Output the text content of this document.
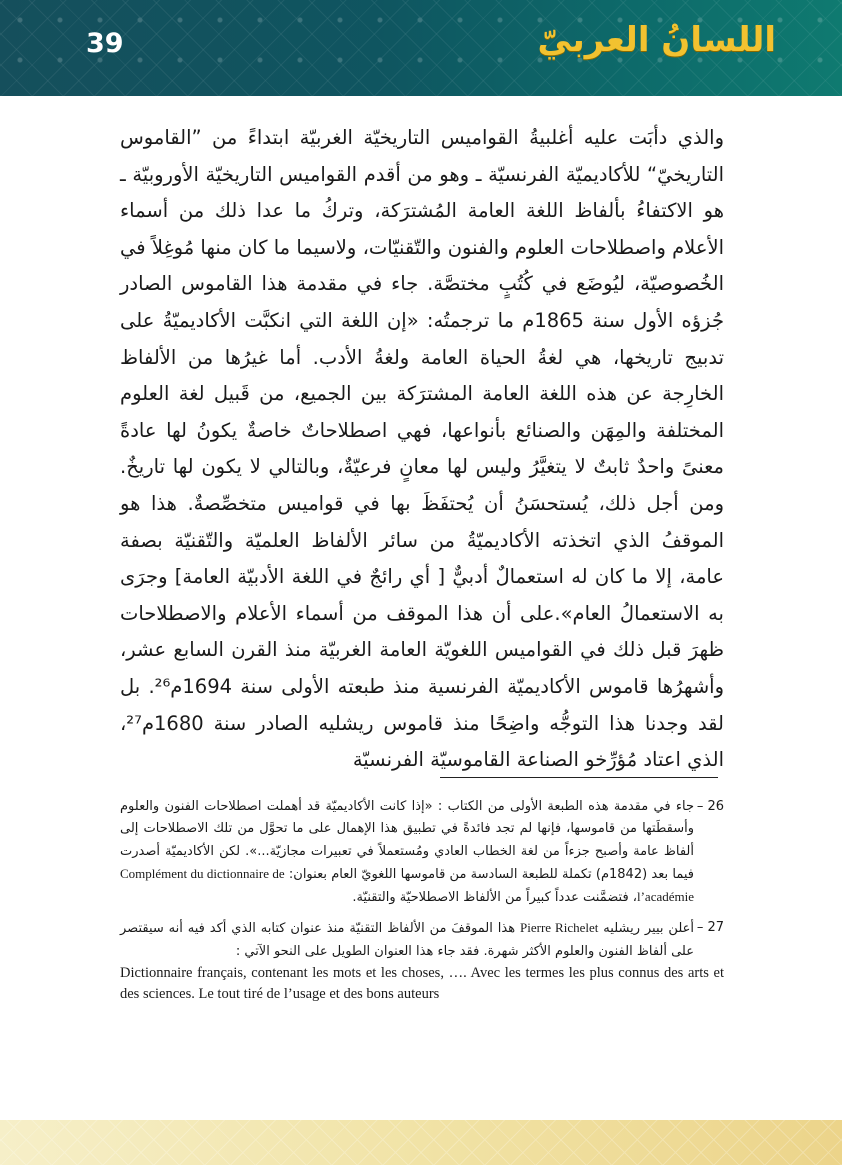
39	اللسانُ العربيّ

والذي دأبَت عليه أغلبيةُ القواميس التاريخيّة الغربيّة ابتداءً من ”القاموس التاريخيّ“ للأكاديميّة الفرنسيّة ـ وهو من أقدم القواميس التاريخيّة الأوروبيّة ـ هو الاكتفاءُ بألفاظ اللغة العامة المُشترَكة، وتركُ ما عدا ذلك من أسماء الأعلام واصطلاحات العلوم والفنون والتّقنيّات، ولاسيما ما كان منها مُوغِلاً في الخُصوصيّة، ليُوضَع في كُتُبٍ مختصَّة. جاء في مقدمة هذا القاموس الصادر جُزؤه الأول سنة 1865م ما ترجمتُه: «إن اللغة التي انكبَّت الأكاديميّةُ على تدبيج تاريخها، هي لغةُ الحياة العامة ولغةُ الأدب. أما غيرُها من الألفاظ الخارِجة عن هذه اللغة العامة المشترَكة بين الجميع، من قَبيل لغة العلوم المختلفة والمِهَن والصنائع بأنواعها، فهي اصطلاحاتٌ خاصةٌ يكونُ لها عادةً معنىً واحدٌ ثابتٌ لا يتغيَّرُ وليس لها معانٍ فرعيّةٌ، وبالتالي لا يكون لها تاريخٌ. ومن أجل ذلك، يُستحسَنُ أن يُحتفَظَ بها في قواميس متخصِّصةٌ. هذا هو الموقفُ الذي اتخذته الأكاديميّةُ من سائر الألفاظ العلميّة والتّقنيّة بصفة عامة، إلا ما كان له استعمالٌ أدبيٌّ [ أي رائجٌ في اللغة الأدبيّة العامة] وجرَى به الاستعمالُ العام».على أن هذا الموقف من أسماء الأعلام والاصطلاحات ظهرَ قبل ذلك في القواميس اللغويّة العامة الغربيّة منذ القرن السابع عشر، وأشهرُها قاموس الأكاديميّة الفرنسية منذ طبعته الأولى سنة 1694م²⁶. بل لقد وجدنا هذا التوجُّه واضِحًا منذ قاموس ريشليه الصادر سنة 1680م²⁷، الذي اعتاد مُؤرِّخو الصناعة القاموسيّة الفرنسيّة

26 –
جاء في مقدمة هذه الطبعة الأولى من الكتاب : «إذا كانت الأكاديميّة قد أهملت اصطلاحات الفنون والعلوم وأسقطَتها من قاموسها، فإنها لم تجد فائدةً في تطبيق هذا الإهمال على ما تحوَّل من تلك الاصطلاحات إلى ألفاظ عامة وأصبح جزءاً من لغة الخطاب العادي ومُستعملاً في تعبيرات مجازيّة...». لكن الأكاديميّة أصدرت فيما بعد (1842م) تكملة للطبعة السادسة من قاموسها اللغويّ العام بعنوان: Complément du dictionnaire de l’académie، فتضمَّنت عدداً كبيراً من الألفاظ الاصطلاحيّة والتقنيّة.
27 –
أعلن بيير ريشليه Pierre Richelet هذا الموقفَ من الألفاظ التقنيّة منذ عنوان كتابه الذي أكد فيه أنه سيقتصر على ألفاظ الفنون والعلوم الأكثر شهرة. فقد جاء هذا العنوان الطويل على النحو الآتي :
Dictionnaire français, contenant les mots et les choses, …. Avec les termes les plus connus des arts et des sciences. Le tout tiré de l’usage et des bons auteurs
